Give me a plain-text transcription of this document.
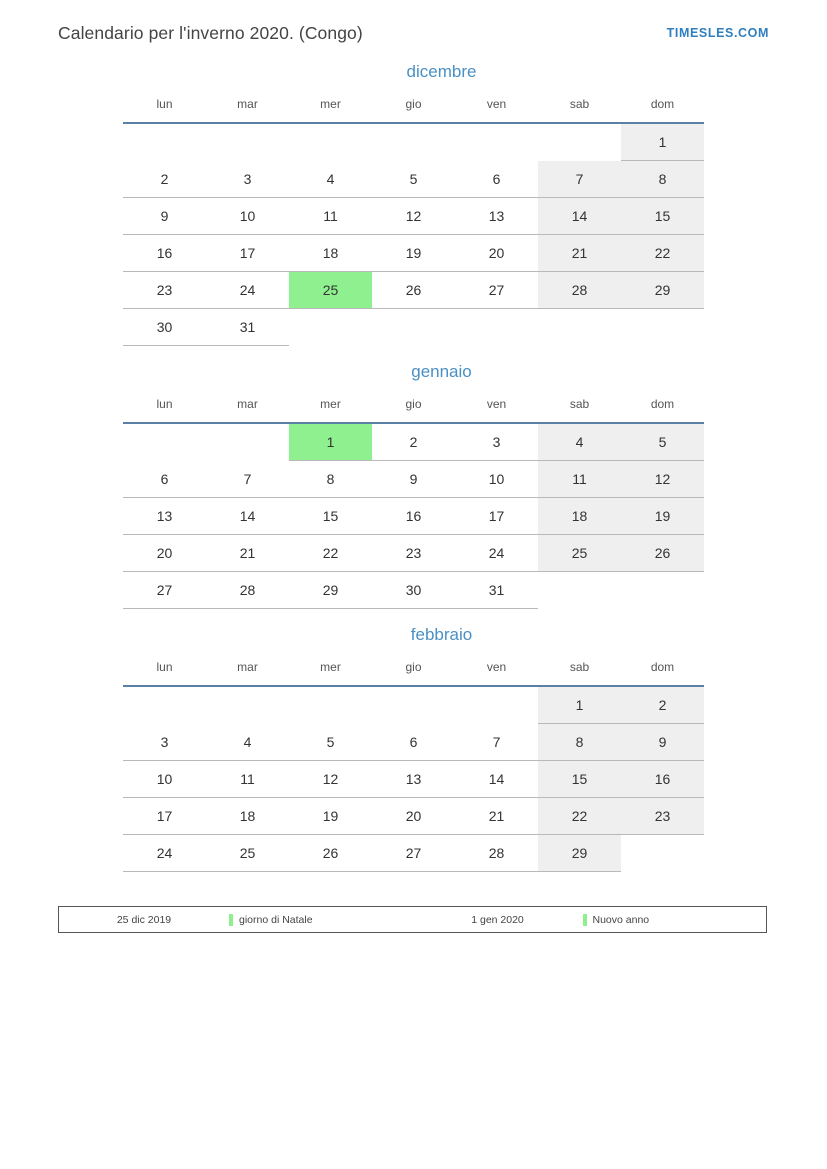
Calendario per l'inverno 2020. (Congo)	TIMESLES.COM
dicembre
lun	mar	mer	gio	ven	sab	dom

						1

2	3	4	5	6	7	8

9	10	11	12	13	14	15

16	17	18	19	20	21	22

23	24	25	26	27	28	29

30	31					

gennaio
lun	mar	mer	gio	ven	sab	dom

		1	2	3	4	5

6	7	8	9	10	11	12

13	14	15	16	17	18	19

20	21	22	23	24	25	26

27	28	29	30	31		

febbraio
lun	mar	mer	gio	ven	sab	dom

					1	2

3	4	5	6	7	8	9

10	11	12	13	14	15	16

17	18	19	20	21	22	23

24	25	26	27	28	29	

25 dic 2019	giorno di Natale	1 gen 2020	Nuovo anno
